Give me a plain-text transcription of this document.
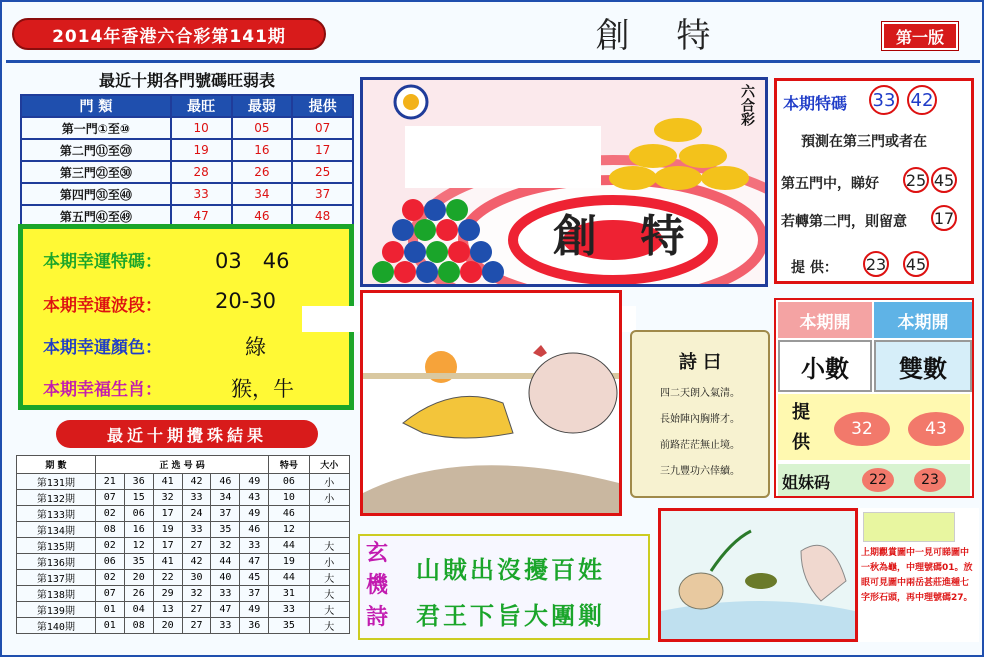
2014年香港六合彩第141期	創 特	第一版
最近十期各門號碼旺弱表
門 類	最旺	最弱	提供
第一門①至⑩	10	05	07
第二門⑪至⑳	19	16	17
第三門㉑至㉚	28	26	25
第四門㉛至㊵	33	34	37
第五門㊶至㊾	47	46	48
本期幸運特碼：	03　46
本期幸運波段：	20-30
本期幸運顏色：	綠
本期幸福生肖：	猴，牛
最近十期攪珠結果
期 數	正 选 号 码						特号	大小
第131期	21	36	41	42	46	49	06	小
第132期	07	15	32	33	34	43	10	小
第133期	02	06	17	24	37	49	46	
第134期	08	16	19	33	35	46	12	
第135期	02	12	17	27	32	33	44	大
第136期	06	35	41	42	44	47	19	小
第137期	02	20	22	30	40	45	44	大
第138期	07	26	29	32	33	37	31	大
第139期	01	04	13	27	47	49	33	大
第140期	01	08	20	27	33	36	35	大
六合彩
創 特
本期特碼 33 42
預測在第三門或者在
第五門中，睇好 25 45
若轉第二門，則留意 17
提 供： 23 45
詩 曰
四二天朗入氣清。
長始陣內胸將才。
前路茫茫無止境。
三九豐功六倖續。
本期開	本期開
小數	雙數
提供
32	43
姐妹码	22	23
玄機詩
山賊出沒擾百姓
君王下旨大團剿
上期觀賞圖中一見可睇圖中一秋為龜，中理號碼01。放眼可見圖中兩岳甚莊進種七字形石頭，再中理號碼27。
